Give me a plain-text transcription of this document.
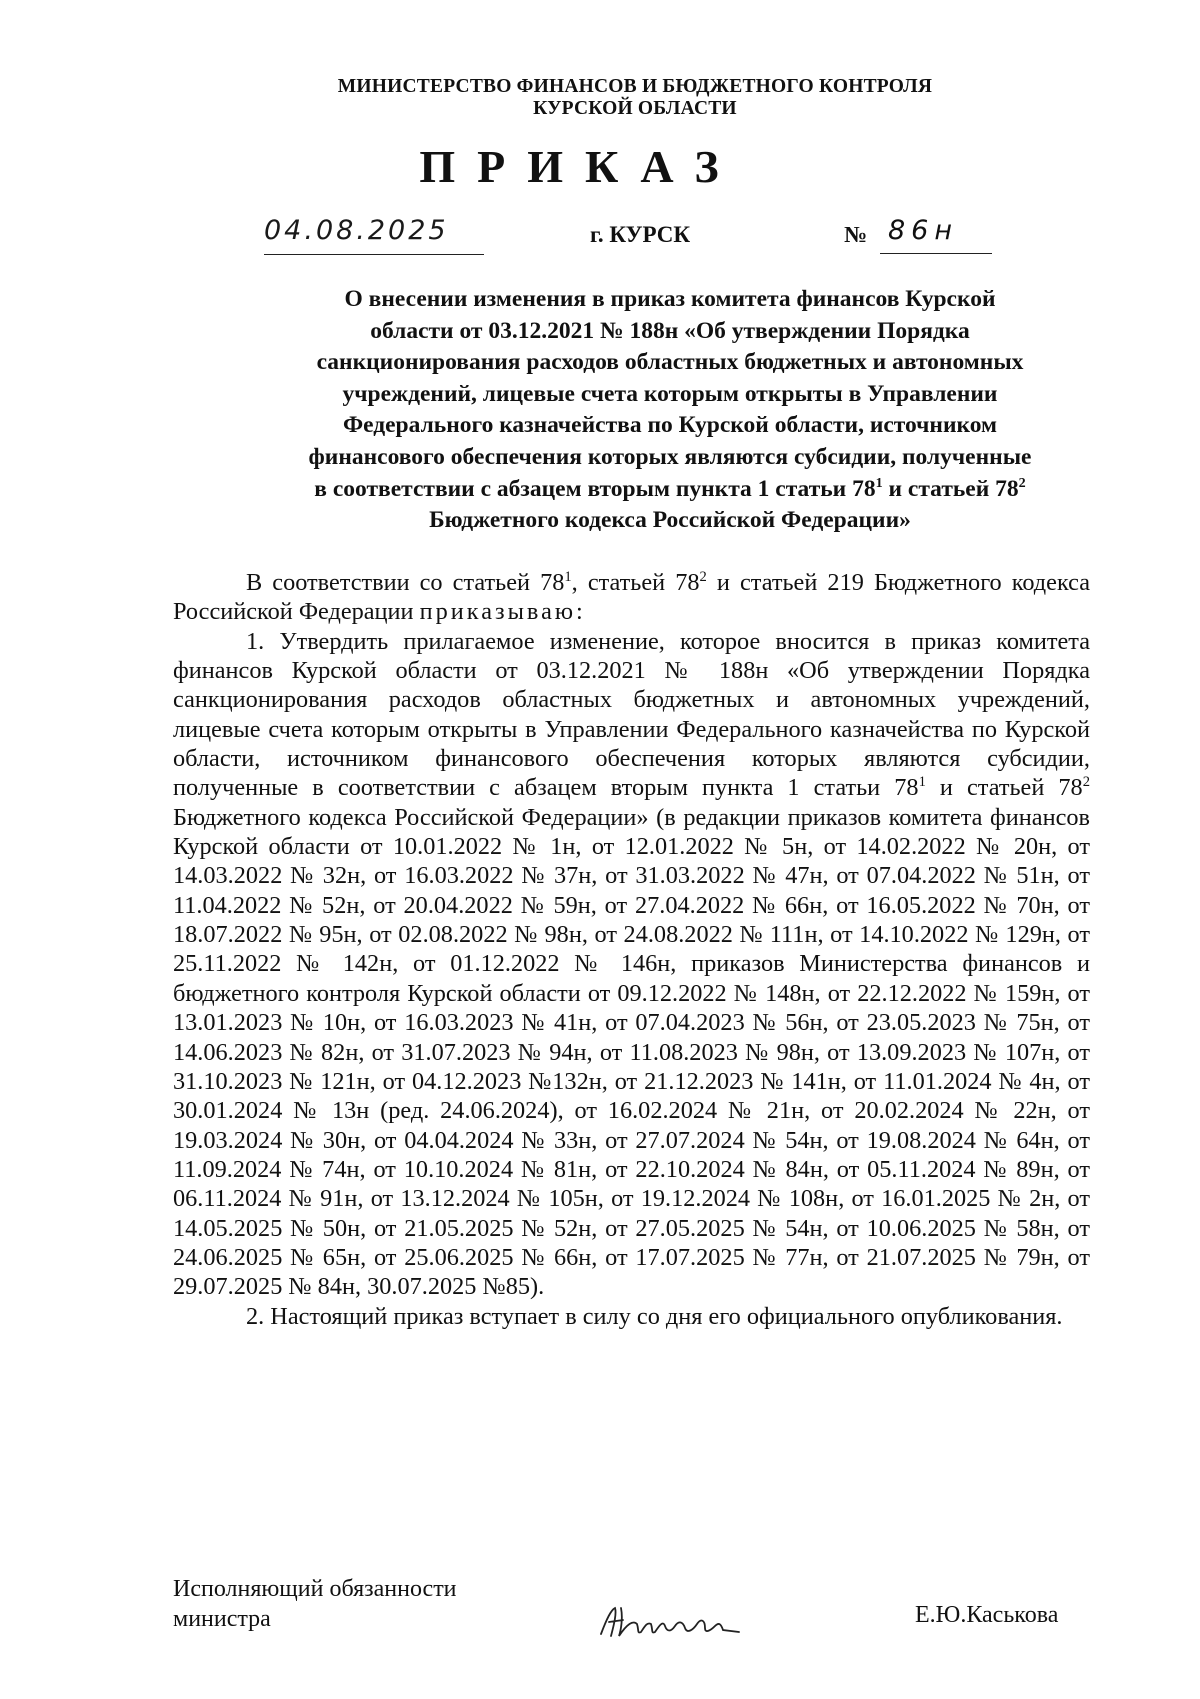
МИНИСТЕРСТВО ФИНАНСОВ И БЮДЖЕТНОГО КОНТРОЛЯ
КУРСКОЙ ОБЛАСТИ
ПРИКАЗ
04.08.2025	г. КУРСК	№ 86н
О внесении изменения в приказ комитета финансов Курской
области от 03.12.2021 № 188н «Об утверждении Порядка
санкционирования расходов областных бюджетных и автономных
учреждений, лицевые счета которым открыты в Управлении
Федерального казначейства по Курской области, источником
финансового обеспечения которых являются субсидии, полученные
в соответствии с абзацем вторым пункта 1 статьи $78^1$ и статьей $78^2$
Бюджетного кодекса Российской Федерации»

В соответствии со статьей $78^1$, статьей $78^2$ и статьей 219 Бюджетного кодекса Российской Федерации приказываю:

1. Утвердить прилагаемое изменение, которое вносится в приказ комитета финансов Курской области от 03.12.2021 № 188н «Об утверждении Порядка санкционирования расходов областных бюджетных и автономных учреждений, лицевые счета которым открыты в Управлении Федерального казначейства по Курской области, источником финансового обеспечения которых являются субсидии, полученные в соответствии с абзацем вторым пункта 1 статьи $78^1$ и статьей $78^2$ Бюджетного кодекса Российской Федерации» (в редакции приказов комитета финансов Курской области от 10.01.2022 № 1н, от 12.01.2022 № 5н, от 14.02.2022 № 20н, от 14.03.2022 № 32н, от 16.03.2022 № 37н, от 31.03.2022 № 47н, от 07.04.2022 № 51н, от 11.04.2022 № 52н, от 20.04.2022 № 59н, от 27.04.2022 № 66н, от 16.05.2022 № 70н, от 18.07.2022 № 95н, от 02.08.2022 № 98н, от 24.08.2022 № 111н, от 14.10.2022 № 129н, от 25.11.2022 № 142н, от 01.12.2022 № 146н, приказов Министерства финансов и бюджетного контроля Курской области от 09.12.2022 № 148н, от 22.12.2022 № 159н, от 13.01.2023 № 10н, от 16.03.2023 № 41н, от 07.04.2023 № 56н, от 23.05.2023 № 75н, от 14.06.2023 № 82н, от 31.07.2023 № 94н, от 11.08.2023 № 98н, от 13.09.2023 № 107н, от 31.10.2023 № 121н, от 04.12.2023 №132н, от 21.12.2023 № 141н, от 11.01.2024 № 4н, от 30.01.2024 № 13н (ред. 24.06.2024), от 16.02.2024 № 21н, от 20.02.2024 № 22н, от 19.03.2024 № 30н, от 04.04.2024 № 33н, от 27.07.2024 № 54н, от 19.08.2024 № 64н, от 11.09.2024 № 74н, от 10.10.2024 № 81н, от 22.10.2024 № 84н, от 05.11.2024 № 89н, от 06.11.2024 № 91н, от 13.12.2024 № 105н, от 19.12.2024 № 108н, от 16.01.2025 № 2н, от 14.05.2025 № 50н, от 21.05.2025 № 52н, от 27.05.2025 № 54н, от 10.06.2025 № 58н, от 24.06.2025 № 65н, от 25.06.2025 № 66н, от 17.07.2025 № 77н, от 21.07.2025 № 79н, от 29.07.2025 № 84н, 30.07.2025 №85).

2. Настоящий приказ вступает в силу со дня его официального опубликования.

Исполняющий обязанности
министра	Е.Ю.Каськова
